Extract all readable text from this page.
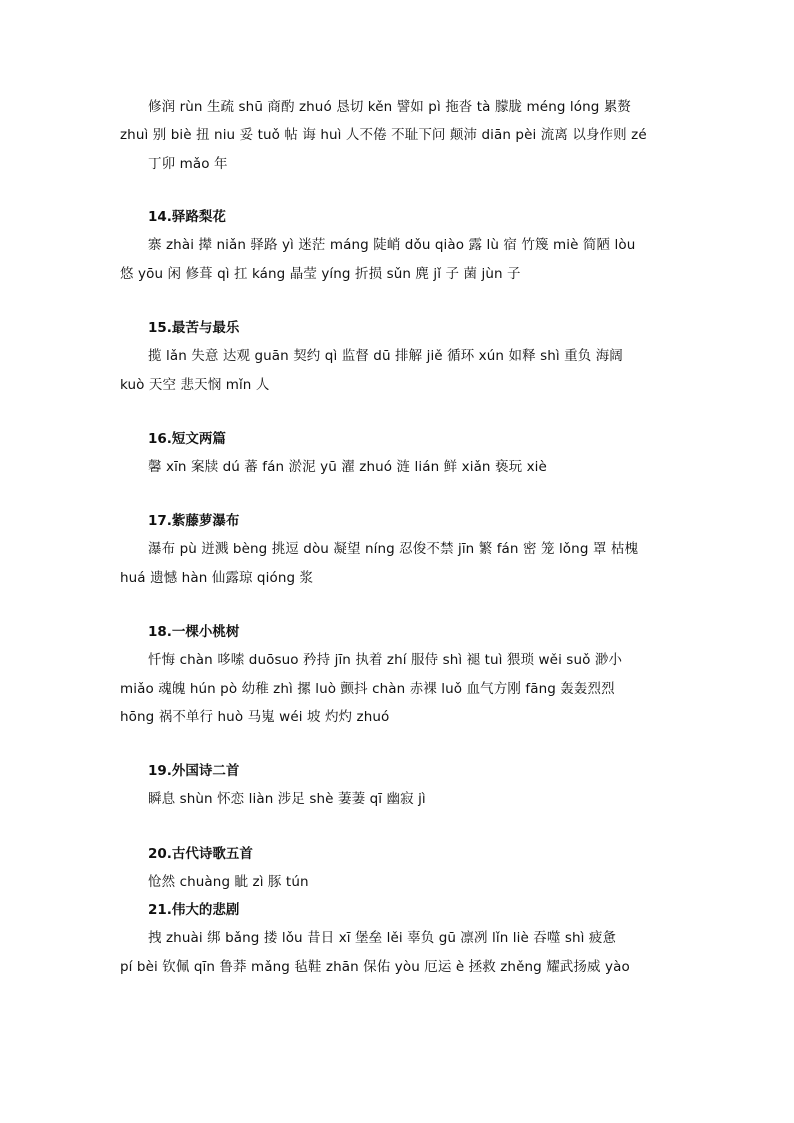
修润 rùn 生疏 shū 商酌 zhuó 恳切 kěn 譬如 pì 拖沓 tà 朦胧 méng lóng 累赘
zhuì 别 biè 扭 niu 妥 tuǒ 帖 诲 huì 人不倦 不耻下问 颠沛 diān pèi 流离 以身作则 zé
丁卯 mǎo 年
14.驿路梨花
寨 zhài 撵 niǎn 驿路 yì 迷茫 máng 陡峭 dǒu qiào 露 lù 宿 竹篾 miè 简陋 lòu
悠 yōu 闲 修葺 qì 扛 káng 晶莹 yíng 折损 sǔn 麂 jǐ 子 菌 jùn 子
15.最苦与最乐
揽 lǎn 失意 达观 guān 契约 qì 监督 dū 排解 jiě 循环 xún 如释 shì 重负 海阔
kuò 天空 悲天悯 mǐn 人
16.短文两篇
馨 xīn 案牍 dú 蕃 fán 淤泥 yū 濯 zhuó 涟 lián 鲜 xiǎn 亵玩 xiè
17.紫藤萝瀑布
瀑布 pù 迸溅 bèng 挑逗 dòu 凝望 níng 忍俊不禁 jīn 繁 fán 密 笼 lǒng 罩 枯槐
huá 遗憾 hàn 仙露琼 qióng 浆
18.一棵小桃树
忏悔 chàn 哆嗦 duōsuo 矜持 jīn 执着 zhí 服侍 shì 褪 tuì 猥琐 wěi suǒ 渺小
miǎo 魂魄 hún pò 幼稚 zhì 摞 luò 颤抖 chàn 赤裸 luǒ 血气方刚 fāng 轰轰烈烈
hōng 祸不单行 huò 马嵬 wéi 坡 灼灼 zhuó
19.外国诗二首
瞬息 shùn 怀恋 liàn 涉足 shè 萋萋 qī 幽寂 jì
20.古代诗歌五首
怆然 chuàng 眦 zì 豚 tún
21.伟大的悲剧
拽 zhuài 绑 bǎng 搂 lǒu 昔日 xī 堡垒 lěi 辜负 gū 凛冽 lǐn liè 吞噬 shì 疲惫
pí bèi 钦佩 qīn 鲁莽 mǎng 毡鞋 zhān 保佑 yòu 厄运 è 拯救 zhěng 耀武扬威 yào
